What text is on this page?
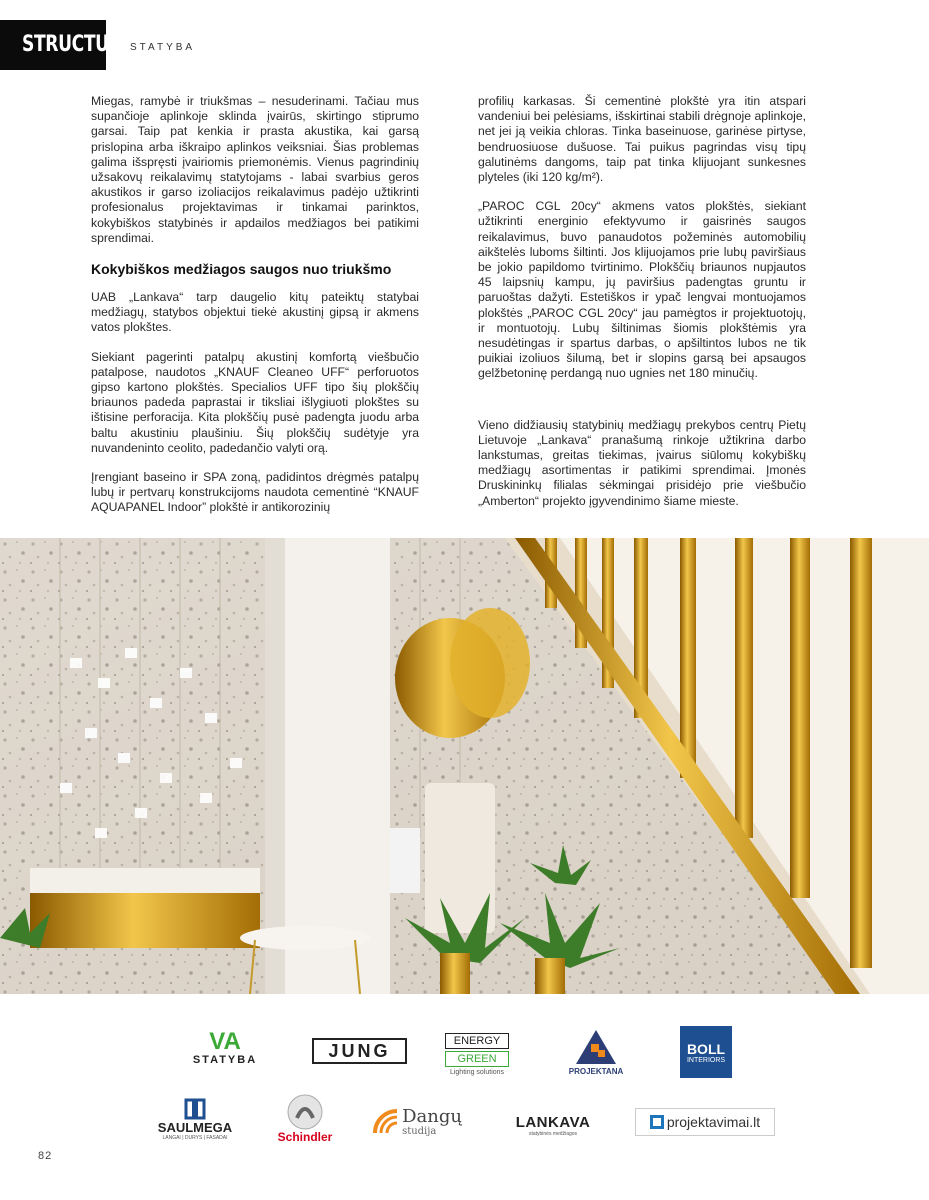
STRUCTUM STATYBA

Miegas, ramybė ir triukšmas – nesuderinami. Tačiau mus supančioje aplinkoje sklinda įvairūs, skirtingo stiprumo garsai. Taip pat kenkia ir prasta akustika, kai garsą prislopina arba iškraipo aplinkos veiksniai. Šias problemas galima išspręsti įvairiomis priemonėmis. Vienus pagrindinių užsakovų reikalavimų statytojams - labai svarbius geros akustikos ir garso izoliacijos reikalavimus padėjo užtikrinti profesionalus projektavimas ir tinkamai parinktos, kokybiškos statybinės ir apdailos medžiagos bei patikimi sprendimai.

Kokybiškos medžiagos saugos nuo triukšmo

UAB „Lankava“ tarp daugelio kitų pateiktų statybai medžiagų, statybos objektui tiekė akustinį gipsą ir akmens vatos plokštes.

Siekiant pagerinti patalpų akustinį komfortą viešbučio patalpose, naudotos „KNAUF Cleaneo UFF“ perforuotos gipso kartono plokštės. Specialios UFF tipo šių plokščių briaunos padeda paprastai ir tiksliai išlygiuoti plokštes su ištisine perforacija. Kita plokščių pusė padengta juodu arba baltu akustiniu plaušiniu. Šių plokščių sudėtyje yra nuvandenintο ceolito, padedančio valyti orą.

Įrengiant baseino ir SPA zoną, padidintos drėgmės patalpų lubų ir pertvarų konstrukcijoms naudota cementinė “KNAUF AQUAPANEL Indoor” plokštė ir antikorozinių

profilių karkasas. Ši cementinė plokštė yra itin atspari vandeniui bei pelėsiams, išskirtinai stabili drėgnoje aplinkoje, net jei ją veikia chloras. Tinka baseinuose, garinėse pirtyse, bendruosiuose dušuose. Tai puikus pagrindas visų tipų galutinėms dangoms, taip pat tinka klijuojant sunkesnes plyteles (iki 120 kg/m²).

„PAROC CGL 20cy“ akmens vatos plokštės, siekiant užtikrinti energinio efektyvumo ir gaisrinės saugos reikalavimus, buvo panaudotos požeminės automobilių aikštelės luboms šiltinti. Jos klijuojamos prie lubų paviršiaus be jokio papildomo tvirtinimo. Plokščių briaunos nupjautos 45 laipsnių kampu, jų paviršius padengtas gruntu ir paruoštas dažyti. Estetiškos ir ypač lengvai montuojamos plokštės „PAROC CGL 20cy“ jau pamėgtos ir projektuotojų, ir montuotojų. Lubų šiltinimas šiomis plokštėmis yra nesudėtingas ir spartus darbas, o apšiltintos lubos ne tik puikiai izoliuos šilumą, bet ir slopins garsą bei apsaugos gelžbetoninę perdangą nuo ugnies net 180 minučių.

Vieno didžiausių statybinių medžiagų prekybos centrų Pietų Lietuvoje „Lankava“ pranašumą rinkoje užtikrina darbo lankstumas, greitas tiekimas, įvairus siūlomų kokybiškų medžiagų asortimentas ir patikimi sprendimai. Įmonės Druskininkų filialas sėkmingai prisidėjo prie viešbučio „Amberton“ projekto įgyvendinimo šiame mieste.

VA
STATYBA	JUNG	ENERGY
GREEN
Lighting solutions	PROJEKTANA
BOLL
INTERIORS
SAULMEGA
LANGAI | DURYS | FASADAI	Schindler
Dangų
studija
LANKAVA
statybinės medžiagos
projektavimai.lt
82
